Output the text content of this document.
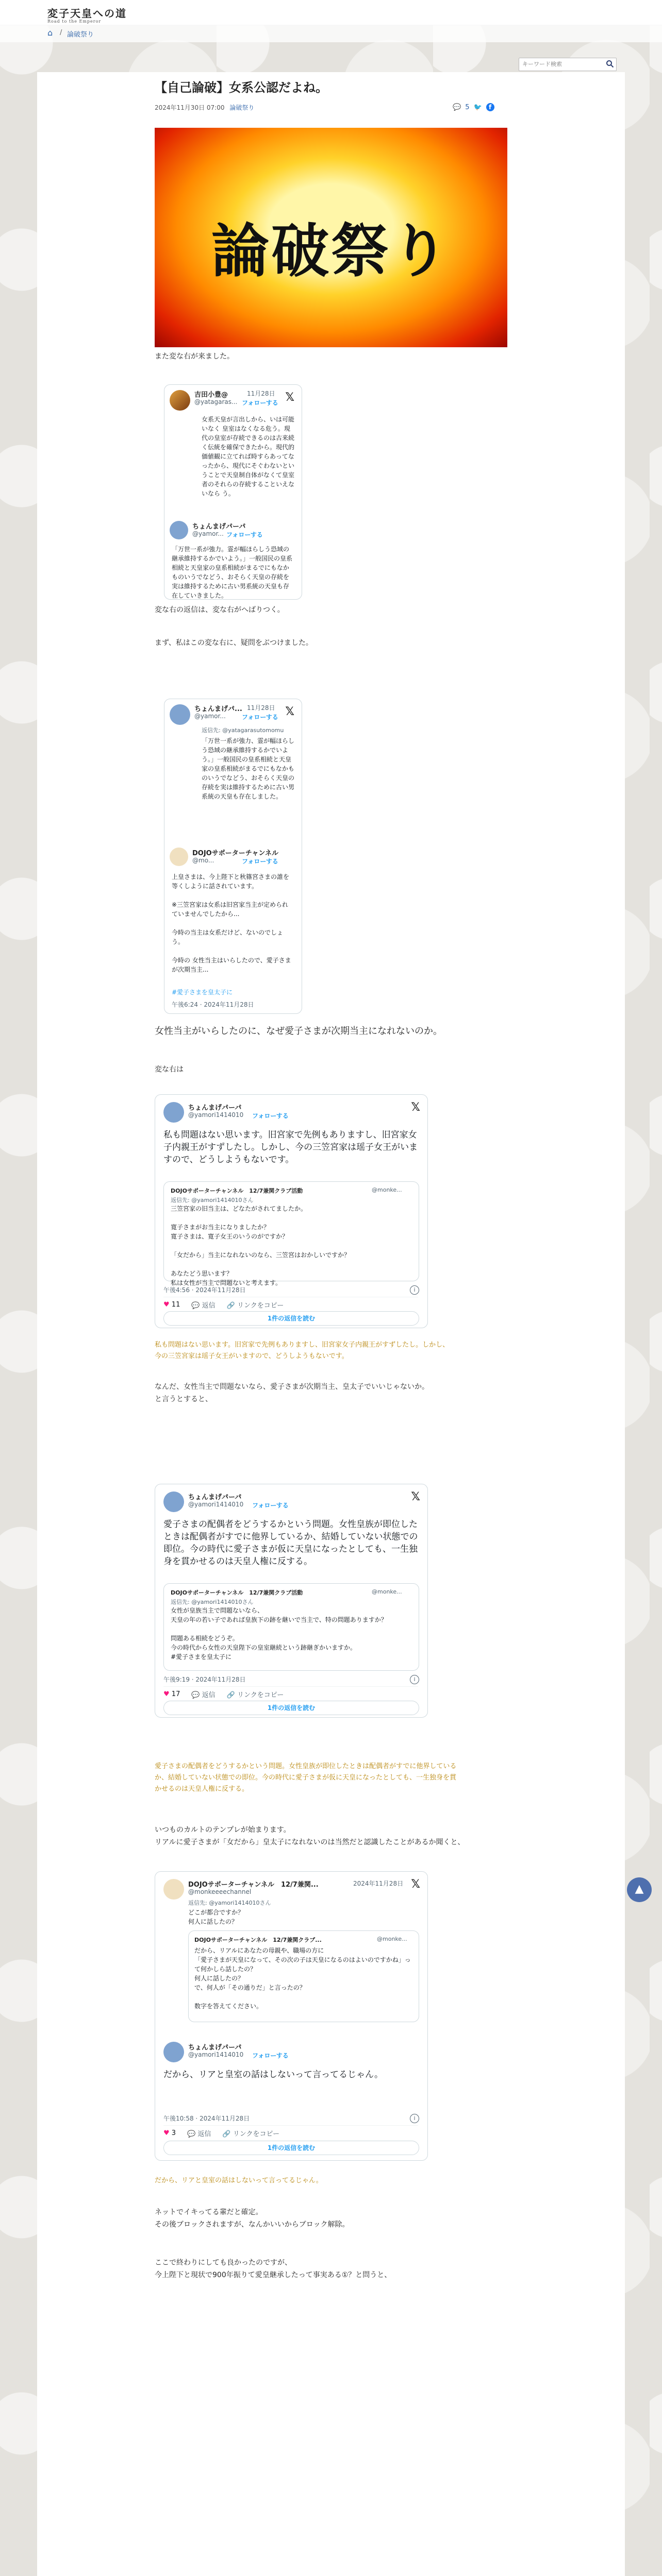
変子天皇への道
Road to the Emperor
⌂	/ 論破祭り
キーワード検索
【自己論破】女系公認だよね。
2024年11月30日 07:00 論破祭り	💬 5 🐦	f
論破祭り
また変な右が来ました。
吉田小豊@	11月28日
@yatagaras... フォローする 𝕏
女系天皇が言出しから、いは可能いなく 皇室はなくなる危う。現代の皇室が存続できるのは古来続く伝統を確保できたから。現代的価値観に立てれば時すらあってなったから、現代にそぐわないということで天皇制自体がなくて皇室者のそれらの存続することいえないなら う。
ちょんまげパーパ
@yamor... フォローする
「万世一系が強力。霊が幅ほらしう恐域の継承維持するかでいよう。」一般国民の皇系相続と天皇家の皇系相続がまるでにもなかものいうでなどう、おそらく天皇の存続を実は維持するために古い男系統の天皇も存在していきました。
変な右の返信は、変な右がへばりつく。
まず、私はこの変な右に、疑問をぶつけました。
ちょんまげパ... 11月28日
@yamor...	フォローする 𝕏
返信先: @yatagarasutomomu
「万世一系が強力、霊が幅ほらしう恐域の継承維持するかでいよう。」一般国民の皇系相続と天皇家の皇系相続がまるでにもなかものいうでなどう、おそらく天皇の存続を実は維持するために古い男系統の天皇も存在しました。
DOJOサポーターチャンネル
@mo...	フォローする
上皇さまは、今上陛下と秋篠宮さまの誰を等くしように話されています。

※三笠宮家は女系は旧宮家当主が定められ
ていませんでしたから...

今時の当主は女系だけど、ないのでしょう。

今時の 女性当主はいらしたので、愛子さま が次期当主...
#愛子さまを皇太子に
午後6:24 · 2024年11月28日
女性当主がいらしたのに、なぜ愛子さまが次期当主になれないのか。
変な右は
ちょんまげパーパ
@yamori1414010 フォローする
𝕏
私も問題はない思います。旧宮家で先例もありますし、旧宮家女子内親王がすずしたし。しかし、今の三笠宮家は瑶子女王がいますので、どうしようもないです。
DOJOサポーターチャンネル　12/7兼関クラブ活動	@monke...
返信先: @yamori1414010さん
三笠宮家の旧当主は、どなたがされてましたか。

寛子さまがお当主になりましたか？
寛子さまは、寛子女王のいうのがですか？

「女だから」当主になれないのなら、三笠宮はおかしいですか？

あなたどう思います？
私は女性が当主で問題ないと考えます。
午後4:56 · 2024年11月28日	i
♥ 11 💬 返信 🔗 リンクをコピー
1件の返信を読む
私も問題はない思います。旧宮家で先例もありますし、旧宮家女子内親王がすずしたし。しかし、
今の三笠宮家は瑶子女王がいますので、どうしようもないです。
なんだ、女性当主で問題ないなら、愛子さまが次期当主、皇太子でいいじゃないか。
と言うとすると、
ちょんまげパーパ
@yamori1414010 フォローする
𝕏
愛子さまの配偶者をどうするかという問題。女性皇族が即位したときは配偶者がすでに他界しているか、結婚していない状態での即位。今の時代に愛子さまが仮に天皇になったとしても、一生独身を貫かせるのは天皇人権に反する。
DOJOサポーターチャンネル　12/7兼関クラブ活動	@monke...
返信先: @yamori1414010さん
女性が皇族当主で問題ないなら、
天皇の年の若い子であれば皇族下の跡を継いで当主で、特の問題ありますか？

問題ある相続をどうぞ。
今の時代から女性の天皇陛下の皇室継続という跡継ぎかいますか。
#愛子さまを皇太子に
午後9:19 · 2024年11月28日	i
♥ 17 💬 返信 🔗 リンクをコピー
1件の返信を読む
愛子さまの配偶者をどうするかという問題。女性皇族が即位したときは配偶者がすでに他界している
か、結婚していない状態での即位。今の時代に愛子さまが仮に天皇になったとしても、一生独身を貫
かせるのは天皇人権に反する。
いつものカルトのテンプレが始まります。
リアルに愛子さまが「女だから」皇太子になれないのは当然だと認識したことがあるか聞くと、
DOJOサポーターチャンネル　12/7兼関...	2024年11月28日
@monkeeeechannel
𝕏
返信先: @yamori1414010さん
どこが都合ですか？
何人に話したの？
DOJOサポーターチャンネル　12/7兼関クラブ...	@monke...
だから、リアルにあなたの母親や、職場の方に
「愛子さまが天皇になって、その次の子は天皇になるのはよいのですかね」って何かしら話したの？
何人に話したの？
で、何人が「その通りだ」と言ったの？

数字を答えてください。
ちょんまげパーパ
@yamori1414010 フォローする
だから、リアと皇室の話はしないって言ってるじゃん。
午後10:58 · 2024年11月28日	i
♥ 3 💬 返信 🔗 リンクをコピー
1件の返信を読む
だから、リアと皇室の話はしないって言ってるじゃん。
ネットでイキってる輩だと確定。
その後ブロックされますが、なんかいいからブロック解除。
ここで終わりにしても良かったのですが、
今上陛下と現状で900年振りて愛皇継承したって事実ある①？と問うと、
▲
